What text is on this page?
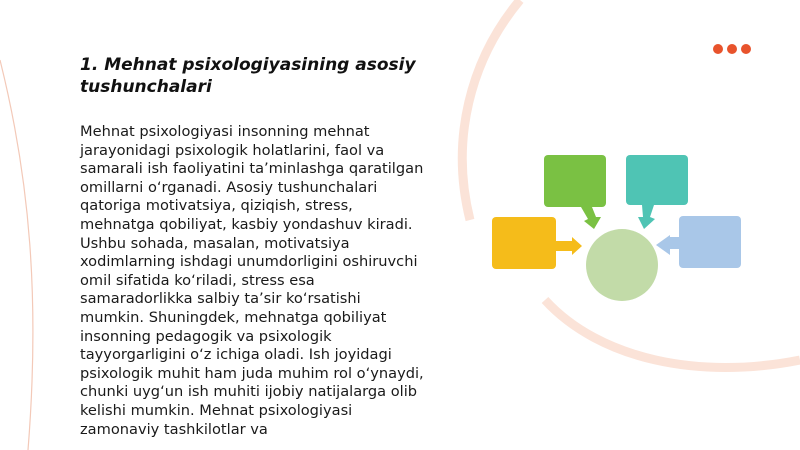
1. Mehnat psixologiyasining asosiy tushunchalari

Mehnat psixologiyasi insonning mehnat jarayonidagi psixologik holatlarini, faol va samarali ish faoliyatini ta’minlashga qaratilgan omillarni o‘rganadi. Asosiy tushunchalari qatoriga motivatsiya, qiziqish, stress, mehnatga qobiliyat, kasbiy yondashuv kiradi. Ushbu sohada, masalan, motivatsiya xodimlarning ishdagi unumdorligini oshiruvchi omil sifatida ko‘riladi, stress esa samaradorlikka salbiy ta’sir ko‘rsatishi mumkin. Shuningdek, mehnatga qobiliyat insonning pedagogik va psixologik tayyorgarligini o‘z ichiga oladi. Ish joyidagi psixologik muhit ham juda muhim rol o‘ynaydi, chunki uyg‘un ish muhiti ijobiy natijalarga olib kelishi mumkin. Mehnat psixologiyasi zamonaviy tashkilotlar va
